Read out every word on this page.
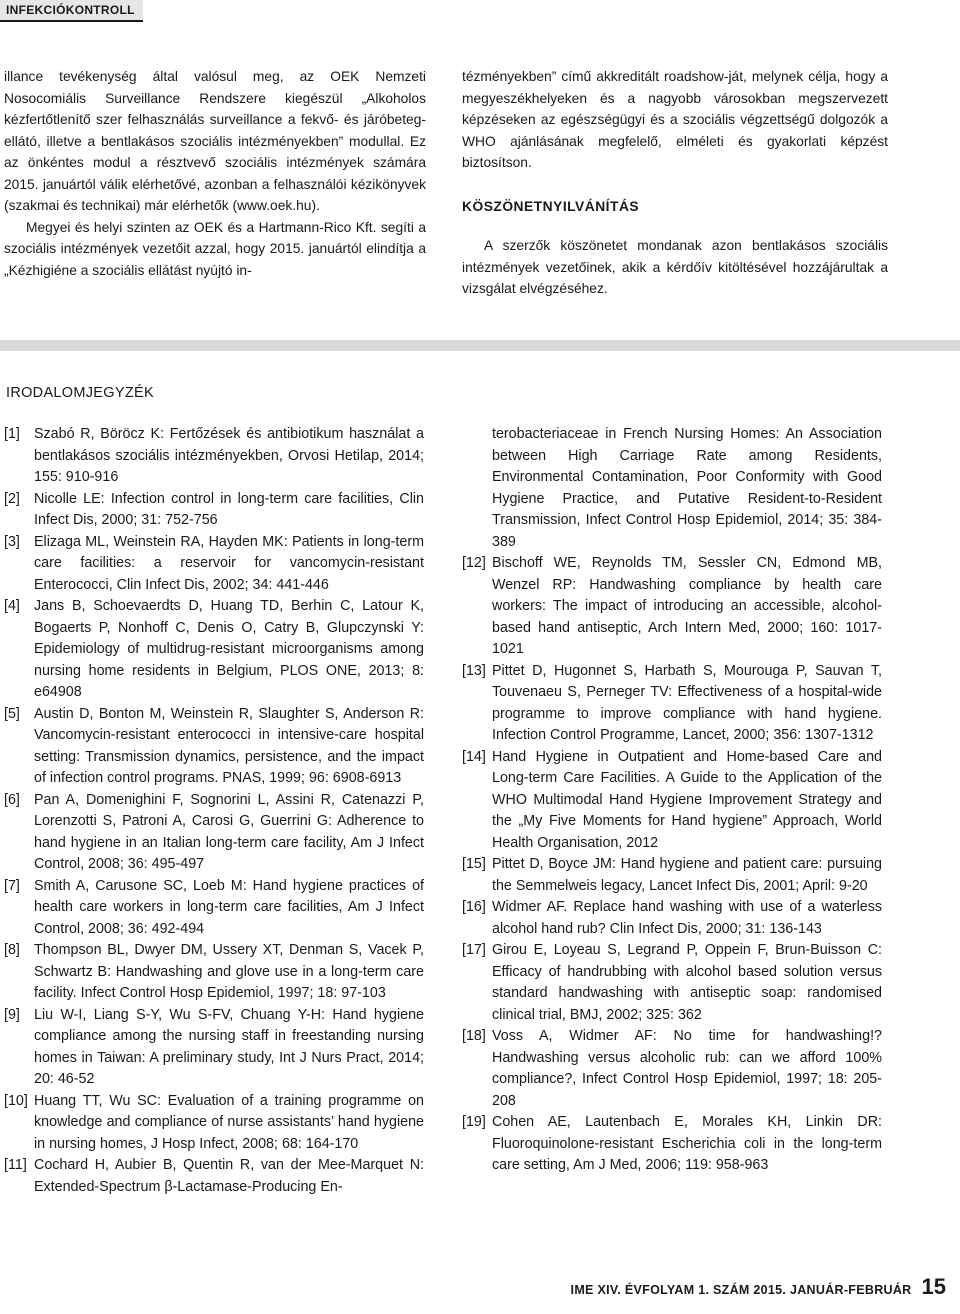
INFEKCIÓKONTROLL

illance tevékenység által valósul meg, az OEK Nemzeti Nosocomiális Surveillance Rendszere kiegészül „Alkoholos kézfertőtlenítő szer felhasználás surveillance a fekvő- és járóbeteg-ellátó, illetve a bentlakásos szociális intézményekben” modullal. Ez az önkéntes modul a résztvevő szociális intézmények számára 2015. januártól válik elérhetővé, azonban a felhasználói kézikönyvek (szakmai és technikai) már elérhetők (www.oek.hu).

Megyei és helyi szinten az OEK és a Hartmann-Rico Kft. segíti a szociális intézmények vezetőit azzal, hogy 2015. januártól elindítja a „Kézhigiéne a szociális ellátást nyújtó in-

tézményekben” című akkreditált roadshow-ját, melynek célja, hogy a megyeszékhelyeken és a nagyobb városokban megszervezett képzéseken az egészségügyi és a szociális végzettségű dolgozók a WHO ajánlásának megfelelő, elméleti és gyakorlati képzést biztosítson.

KÖSZÖNETNYILVÁNÍTÁS

A szerzők köszönetet mondanak azon bentlakásos szociális intézmények vezetőinek, akik a kérdőív kitöltésével hozzájárultak a vizsgálat elvégzéséhez.

IRODALOMJEGYZÉK
[1] Szabó R, Böröcz K: Fertőzések és antibiotikum használat a bentlakásos szociális intézményekben, Orvosi Hetilap, 2014; 155: 910-916
[2] Nicolle LE: Infection control in long-term care facilities, Clin Infect Dis, 2000; 31: 752-756
[3] Elizaga ML, Weinstein RA, Hayden MK: Patients in long-term care facilities: a reservoir for vancomycin-resistant Enterococci, Clin Infect Dis, 2002; 34: 441-446
[4] Jans B, Schoevaerdts D, Huang TD, Berhin C, Latour K, Bogaerts P, Nonhoff C, Denis O, Catry B, Glupczynski Y: Epidemiology of multidrug-resistant microorganisms among nursing home residents in Belgium, PLOS ONE, 2013; 8: e64908
[5] Austin D, Bonton M, Weinstein R, Slaughter S, Anderson R: Vancomycin-resistant enterococci in intensive-care hospital setting: Transmission dynamics, persistence, and the impact of infection control programs. PNAS, 1999; 96: 6908-6913
[6] Pan A, Domenighini F, Sognorini L, Assini R, Catenazzi P, Lorenzotti S, Patroni A, Carosi G, Guerrini G: Adherence to hand hygiene in an Italian long-term care facility, Am J Infect Control, 2008; 36: 495-497
[7] Smith A, Carusone SC, Loeb M: Hand hygiene practices of health care workers in long-term care facilities, Am J Infect Control, 2008; 36: 492-494
[8] Thompson BL, Dwyer DM, Ussery XT, Denman S, Vacek P, Schwartz B: Handwashing and glove use in a long-term care facility. Infect Control Hosp Epidemiol, 1997; 18: 97-103
[9] Liu W-I, Liang S-Y, Wu S-FV, Chuang Y-H: Hand hygiene compliance among the nursing staff in freestanding nursing homes in Taiwan: A preliminary study, Int J Nurs Pract, 2014; 20: 46-52
[10] Huang TT, Wu SC: Evaluation of a training programme on knowledge and compliance of nurse assistants’ hand hygiene in nursing homes, J Hosp Infect, 2008; 68: 164-170
[11] Cochard H, Aubier B, Quentin R, van der Mee-Marquet N: Extended-Spectrum β-Lactamase-Producing En-
terobacteriaceae in French Nursing Homes: An Association between High Carriage Rate among Residents, Environmental Contamination, Poor Conformity with Good Hygiene Practice, and Putative Resident-to-Resident Transmission, Infect Control Hosp Epidemiol, 2014; 35: 384-389
[12] Bischoff WE, Reynolds TM, Sessler CN, Edmond MB, Wenzel RP: Handwashing compliance by health care workers: The impact of introducing an accessible, alcohol-based hand antiseptic, Arch Intern Med, 2000; 160: 1017-1021
[13] Pittet D, Hugonnet S, Harbath S, Mourouga P, Sauvan T, Touvenaeu S, Perneger TV: Effectiveness of a hospital-wide programme to improve compliance with hand hygiene. Infection Control Programme, Lancet, 2000; 356: 1307-1312
[14] Hand Hygiene in Outpatient and Home-based Care and Long-term Care Facilities. A Guide to the Application of the WHO Multimodal Hand Hygiene Improvement Strategy and the „My Five Moments for Hand hygiene” Approach, World Health Organisation, 2012
[15] Pittet D, Boyce JM: Hand hygiene and patient care: pursuing the Semmelweis legacy, Lancet Infect Dis, 2001; April: 9-20
[16] Widmer AF. Replace hand washing with use of a waterless alcohol hand rub? Clin Infect Dis, 2000; 31: 136-143
[17] Girou E, Loyeau S, Legrand P, Oppein F, Brun-Buisson C: Efficacy of handrubbing with alcohol based solution versus standard handwashing with antiseptic soap: randomised clinical trial, BMJ, 2002; 325: 362
[18] Voss A, Widmer AF: No time for handwashing!? Handwashing versus alcoholic rub: can we afford 100% compliance?, Infect Control Hosp Epidemiol, 1997; 18: 205-208
[19] Cohen AE, Lautenbach E, Morales KH, Linkin DR: Fluoroquinolone-resistant Escherichia coli in the long-term care setting, Am J Med, 2006; 119: 958-963
IME XIV. ÉVFOLYAM 1. SZÁM 2015. JANUÁR-FEBRUÁR 15
